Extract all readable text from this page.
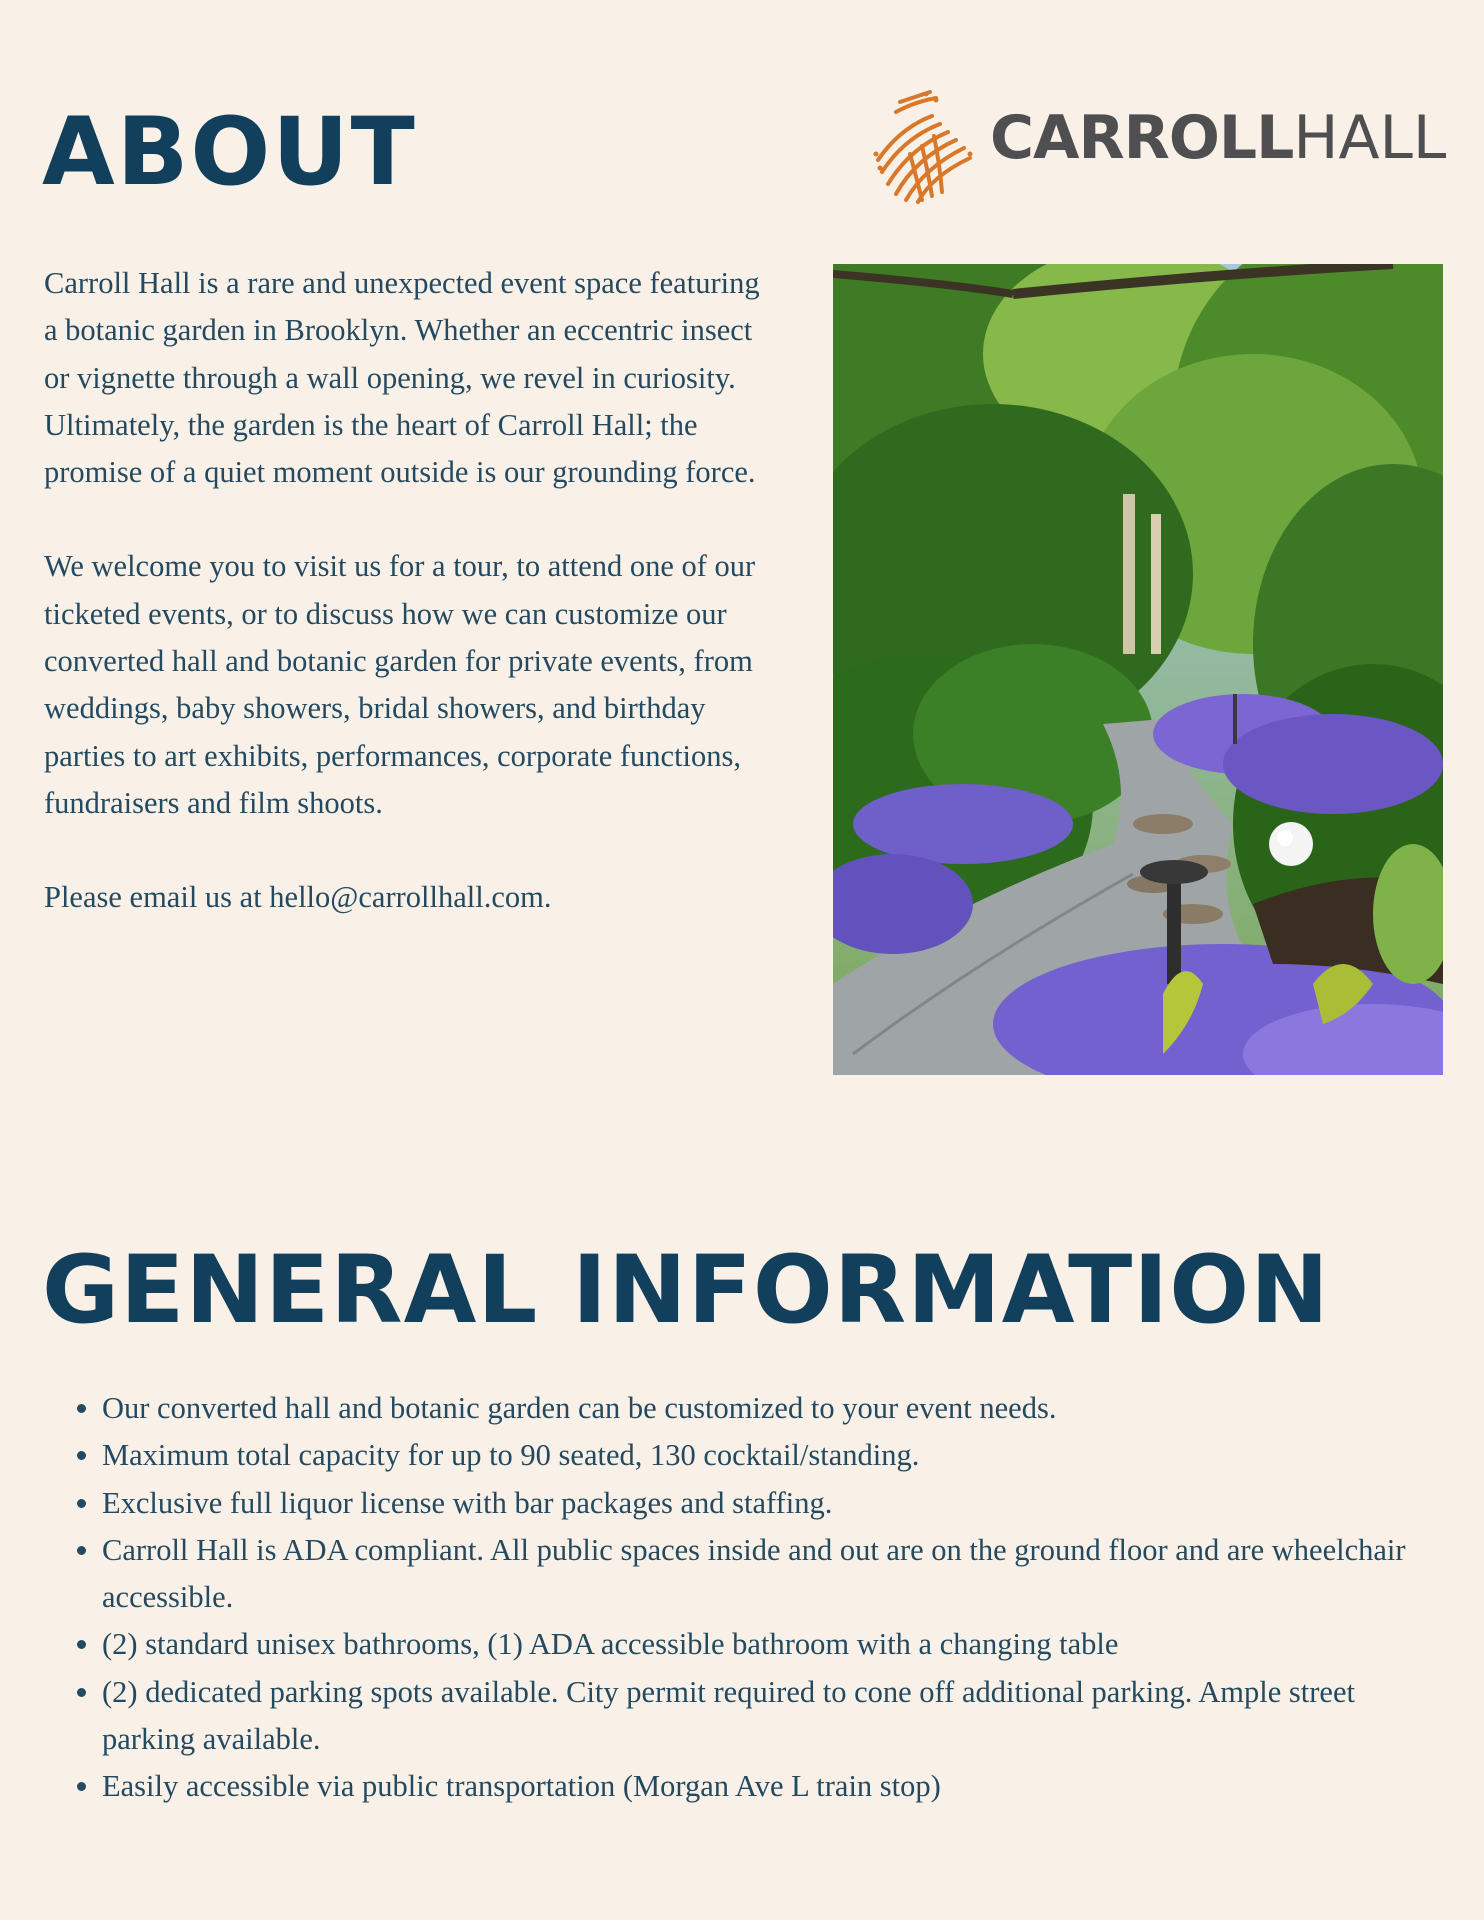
ABOUT	CARROLLHALL

Carroll Hall is a rare and unexpected event space featuring a botanic garden in Brooklyn. Whether an eccentric insect or vignette through a wall opening, we revel in curiosity. Ultimately, the garden is the heart of Carroll Hall; the promise of a quiet moment outside is our grounding force.

We welcome you to visit us for a tour, to attend one of our ticketed events, or to discuss how we can customize our converted hall and botanic garden for private events, from weddings, baby showers, bridal showers, and birthday parties to art exhibits, performances, corporate functions, fundraisers and film shoots.

Please email us at hello@carrollhall.com.

GENERAL INFORMATION
• Our converted hall and botanic garden can be customized to your event needs.
• Maximum total capacity for up to 90 seated, 130 cocktail/standing.
• Exclusive full liquor license with bar packages and staffing.
• Carroll Hall is ADA compliant. All public spaces inside and out are on the ground floor and are wheelchair accessible.
• (2) standard unisex bathrooms, (1) ADA accessible bathroom with a changing table
• (2) dedicated parking spots available. City permit required to cone off additional parking. Ample street parking available.
• Easily accessible via public transportation (Morgan Ave L train stop)
